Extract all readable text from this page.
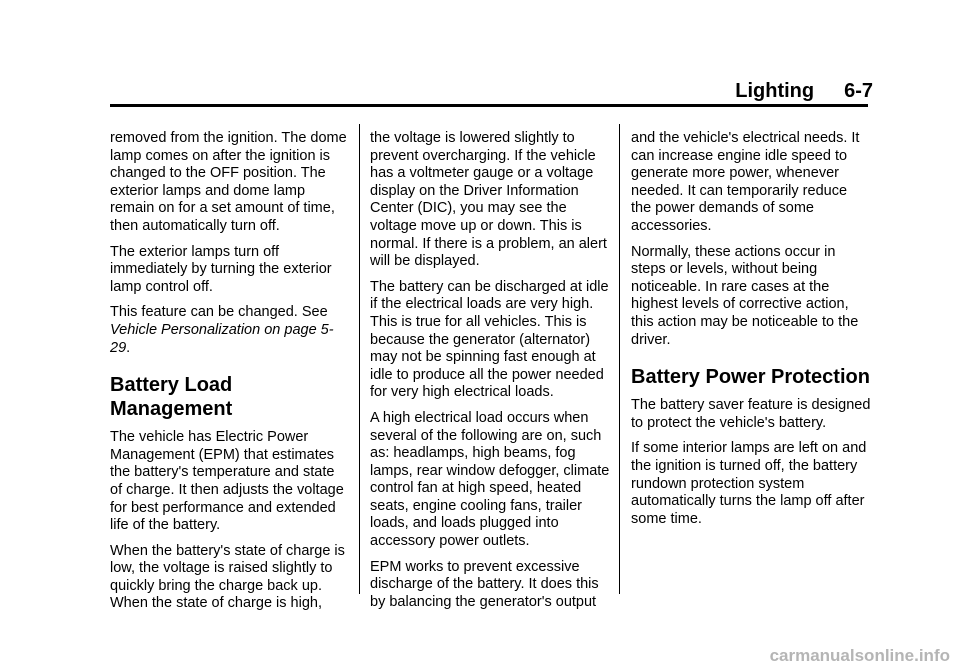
Lighting 6-7

removed from the ignition. The dome lamp comes on after the ignition is changed to the OFF position. The exterior lamps and dome lamp remain on for a set amount of time, then automatically turn off.

The exterior lamps turn off immediately by turning the exterior lamp control off.

This feature can be changed. See Vehicle Personalization on page 5-29.

Battery Load Management

The vehicle has Electric Power Management (EPM) that estimates the battery's temperature and state of charge. It then adjusts the voltage for best performance and extended life of the battery.

When the battery's state of charge is low, the voltage is raised slightly to quickly bring the charge back up. When the state of charge is high,

the voltage is lowered slightly to prevent overcharging. If the vehicle has a voltmeter gauge or a voltage display on the Driver Information Center (DIC), you may see the voltage move up or down. This is normal. If there is a problem, an alert will be displayed.

The battery can be discharged at idle if the electrical loads are very high. This is true for all vehicles. This is because the generator (alternator) may not be spinning fast enough at idle to produce all the power needed for very high electrical loads.

A high electrical load occurs when several of the following are on, such as: headlamps, high beams, fog lamps, rear window defogger, climate control fan at high speed, heated seats, engine cooling fans, trailer loads, and loads plugged into accessory power outlets.

EPM works to prevent excessive discharge of the battery. It does this by balancing the generator's output

and the vehicle's electrical needs. It can increase engine idle speed to generate more power, whenever needed. It can temporarily reduce the power demands of some accessories.

Normally, these actions occur in steps or levels, without being noticeable. In rare cases at the highest levels of corrective action, this action may be noticeable to the driver.

Battery Power Protection

The battery saver feature is designed to protect the vehicle's battery.

If some interior lamps are left on and the ignition is turned off, the battery rundown protection system automatically turns the lamp off after some time.

carmanualsonline.info
